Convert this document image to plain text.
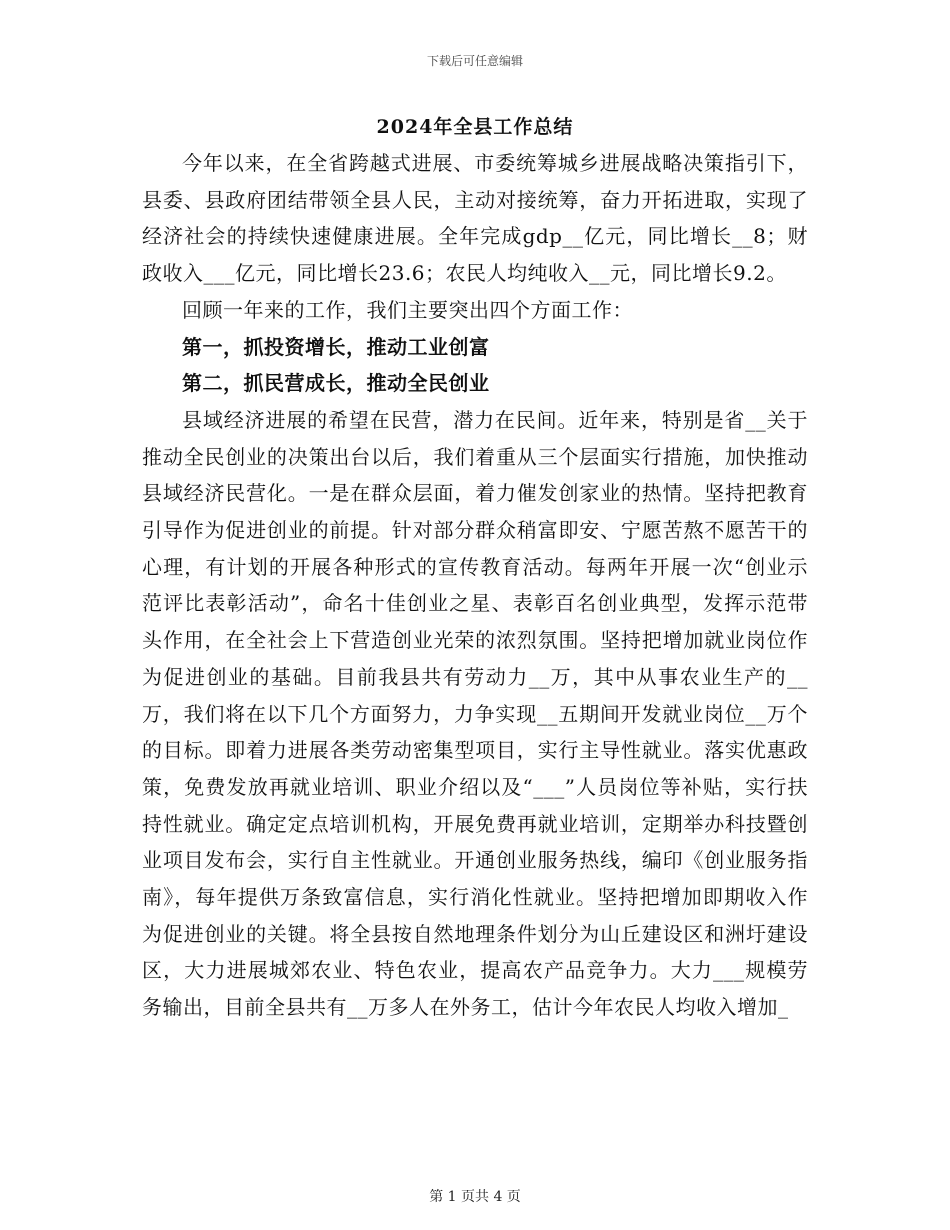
下载后可任意编辑
2024年全县工作总结

今年以来，在全省跨越式进展、市委统筹城乡进展战略决策指引下，县委、县政府团结带领全县人民，主动对接统筹，奋力开拓进取，实现了经济社会的持续快速健康进展。全年完成gdp__亿元，同比增长__8；财政收入___亿元，同比增长23.6；农民人均纯收入__元，同比增长9.2。

回顾一年来的工作，我们主要突出四个方面工作：

第一，抓投资增长，推动工业创富

第二，抓民营成长，推动全民创业

县域经济进展的希望在民营，潜力在民间。近年来，特别是省__关于推动全民创业的决策出台以后，我们着重从三个层面实行措施，加快推动县域经济民营化。一是在群众层面，着力催发创家业的热情。坚持把教育引导作为促进创业的前提。针对部分群众稍富即安、宁愿苦熬不愿苦干的心理，有计划的开展各种形式的宣传教育活动。每两年开展一次“创业示范评比表彰活动”，命名十佳创业之星、表彰百名创业典型，发挥示范带头作用，在全社会上下营造创业光荣的浓烈氛围。坚持把增加就业岗位作为促进创业的基础。目前我县共有劳动力__万，其中从事农业生产的__万，我们将在以下几个方面努力，力争实现__五期间开发就业岗位__万个的目标。即着力进展各类劳动密集型项目，实行主导性就业。落实优惠政策，免费发放再就业培训、职业介绍以及“___”人员岗位等补贴，实行扶持性就业。确定定点培训机构，开展免费再就业培训，定期举办科技暨创业项目发布会，实行自主性就业。开通创业服务热线，编印《创业服务指南》，每年提供万条致富信息，实行消化性就业。坚持把增加即期收入作为促进创业的关键。将全县按自然地理条件划分为山丘建设区和洲圩建设区，大力进展城郊农业、特色农业，提高农产品竞争力。大力___规模劳务输出，目前全县共有__万多人在外务工，估计今年农民人均收入增加_

第 1 页共 4 页
